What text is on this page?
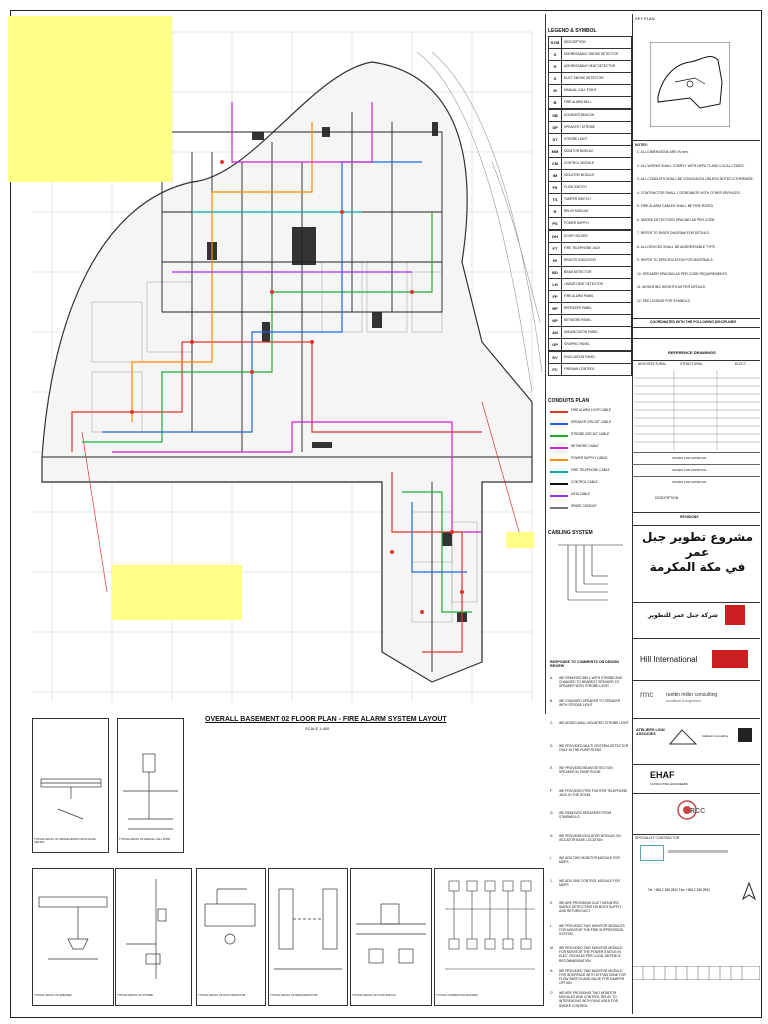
OVERALL BASEMENT 02 FLOOR PLAN - FIRE ALARM SYSTEM LAYOUT
SCALE 1:400
LEGEND & SYMBOL
SYM	DESCRIPTION
S	ADDRESSABLE SMOKE DETECTOR
H	ADDRESSABLE HEAT DETECTOR
S	DUCT SMOKE DETECTOR
M	MANUAL CALL POINT
B	FIRE ALARM BELL
SB	SOUNDER BEACON
SP	SPEAKER / STROBE
ST	STROBE LIGHT
MM	MONITOR MODULE
CM	CONTROL MODULE
IM	ISOLATOR MODULE
FS	FLOW SWITCH
TS	TAMPER SWITCH
R	RELAY MODULE
PS	POWER SUPPLY
DH	DOOR HOLDER
FT	FIRE TELEPHONE JACK
RI	REMOTE INDICATOR
BD	BEAM DETECTOR
LH	LINEAR HEAT DETECTOR
FP	FIRE ALARM PANEL
RP	REPEATER PANEL
NP	NETWORK PANEL
AN	ANNUNCIATOR PANEL
GP	GRAPHIC PANEL
EV	EVACUATION PANEL
FC	FIREMAN CONTROL
CONDUITS PLAN
FIRE ALARM LOOP CABLE
SPEAKER CIRCUIT CABLE
STROBE CIRCUIT CABLE
NETWORK CABLE
POWER SUPPLY CABLE
FIRE TELEPHONE CABLE
CONTROL CABLE
DATA CABLE
SPARE CONDUIT
CABLING SYSTEM
RESPONSE TO COMMENTS ON DESIGN REVIEW
A.	WE REMOVED BELL WITH STROBE AND CHANGED TO NEAREST SPEAKER TO SPEAKER WITH STROBE LIGHT
B.	WE CHANGED SPEAKER TO SPEAKER WITH STROBE LIGHT
C.	WE ADDED WALL MOUNTED STROBE LIGHT
D.	WE PROVIDED MULTI CRITERIA DETECTOR ONLY IN THE PUMP ROOM
E.	WE PROVIDED BEAM DETECTION SPEAKER IN PUMP ROOM
F.	WE PROVIDED FIRE FIGHTER TELEPHONE JACK IN THE ROOM
G.	WE REMOVED SPEAKERS FROM STAIRWELLS
H.	WE PROVIDED ISOLATOR MODULE ON ISOLATOR BASE LOCATION
I.	WE ADD TWO MONITOR MODULE FOR MDPS
J.	WE ADD ONE CONTROL MODULE FOR MDPS
K.	WE ARE PROVIDING DUCT MOUNTED SMOKE DETECTORS ON BOTH SUPPLY AND RETURN DUCT
L.	WE PROVIDED TWO MONITOR MODULES FOR MONITOR THE FIRE SUPPRESSION SYSTEM
M.	WE PROVIDED TWO MONITOR MODULE FOR MONITOR THE POWER STATUS IN ELEC. ROOM AS PER LOCAL DEFENCE RECOMMENDATION
N.	WE PROVIDED TWO MONITOR MODULE FOR INTERFACE WITH JETFAN ZONE FOR FLOW SWITCH AND VALVE FOR DAMPER OPTION
O.	WE ARE PROVIDING TWO MONITOR MODULES AND CONTROL RELAY TO INTERFACING WITH FANS USED FOR SMOKE CONTROL
KEY PLAN
NOTES:
1. ALL DIMENSIONS ARE IN mm.
2. ALL WORKS SHALL COMPLY WITH NFPA 72 AND LOCAL CODES.
3. ALL CONDUITS SHALL BE CONCEALED UNLESS NOTED OTHERWISE.
4. CONTRACTOR SHALL COORDINATE WITH OTHER SERVICES.
5. FIRE ALARM CABLES SHALL BE FIRE RATED.
6. SMOKE DETECTORS SPACING AS PER CODE.
7. REFER TO RISER DIAGRAM FOR DETAILS.
8. ALL DEVICES SHALL BE ADDRESSABLE TYPE.
9. REFER TO SPECIFICATION FOR MATERIALS.
10. SPEAKER SPACING AS PER CODE REQUIREMENTS.
11. MOUNTING HEIGHTS AS PER DETAILS.
12. SEE LEGEND FOR SYMBOLS.
COORDINATED WITH THE FOLLOWING DISCIPLINES
REFERENCE DRAWINGS
ARCHITECTURAL	STRUCTURAL	ELECT.
ISSUED FOR APPROVAL
ISSUED FOR APPROVAL
ISSUED FOR APPROVAL
DESCRIPTION
REVISIONS
مشروع تطوير جبل عمر
في مكة المكرمة
شركة جبل عمر للتطوير
Hill International
rmc	ruettin miller consulting
architects & engineers
ATELIERS LION ASSOCIES	Kabbani Consulting
EHAF
CONSULTING ENGINEERS
RCC
SPECIALIST CONTRACTOR
Tel: +966 2 289 2552 Fax: +966 2 289 2553
TYPICAL DETAIL OF SMOKE DETECTOR IN FALSE CEILING
TYPICAL DETAIL OF MANUAL CALL POINT
TYPICAL DETAIL OF SPEAKER	TYPICAL DETAIL OF STROBE	TYPICAL DETAIL OF DUCT DETECTOR	TYPICAL DETAIL OF BEAM DETECTOR	TYPICAL DETAIL OF FLOW SWITCH	TYPICAL CONNECTION DIAGRAM
